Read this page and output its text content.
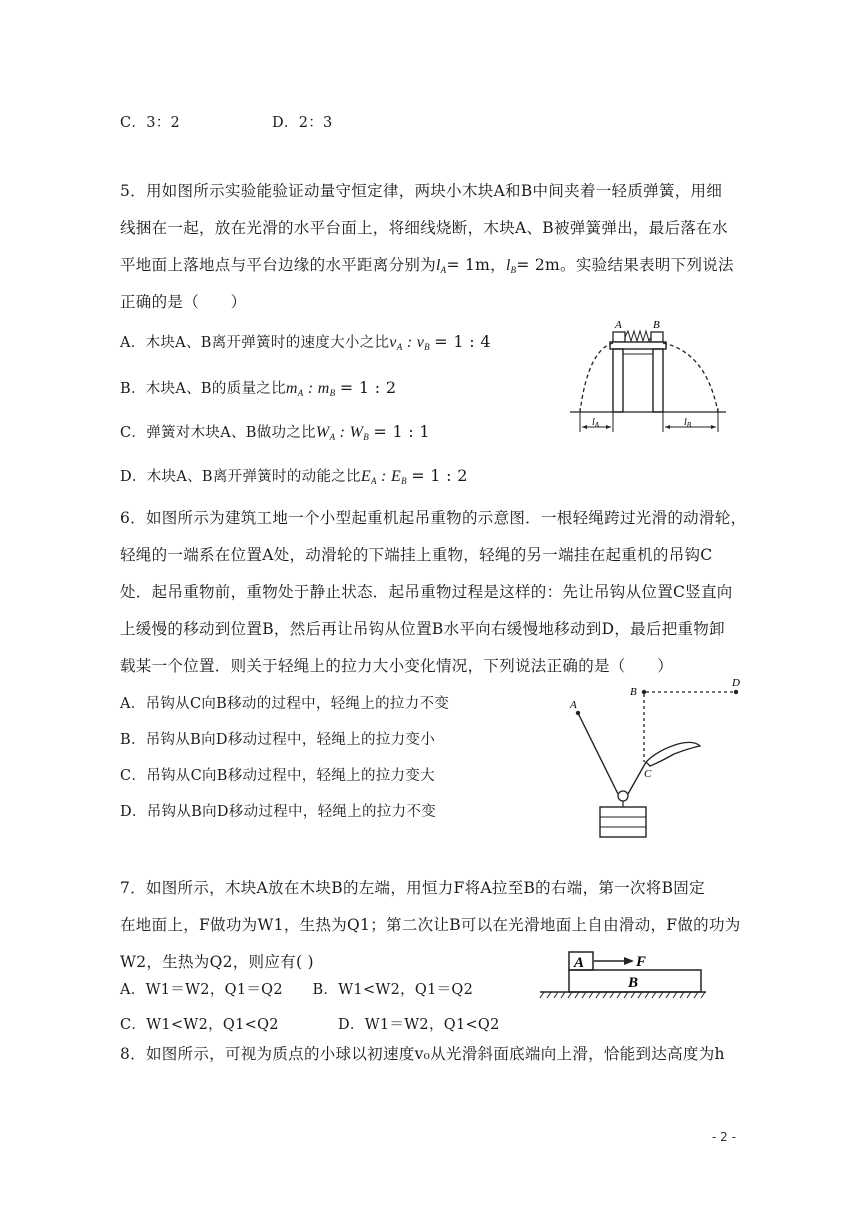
C．3：2	D．2：3
5．用如图所示实验能验证动量守恒定律，两块小木块A和B中间夹着一轻质弹簧，用细
线捆在一起，放在光滑的水平台面上，将细线烧断，木块A、B被弹簧弹出，最后落在水
平地面上落地点与平台边缘的水平距离分别为$l_A= 1m$，$l_B= 2m$。实验结果表明下列说法
正确的是（　　）
A．木块A、B离开弹簧时的速度大小之比$v_A$ : $v_B = 1$ : 4
B．木块A、B的质量之比$m_A$ : $m_B = 1$ : 2
C．弹簧对木块A、B做功之比$W_A$ : $W_B = 1$ : 1
D．木块A、B离开弹簧时的动能之比$E_A$ : $E_B = 1$ : 2
A	B
$l_A$	$l_B$
6．如图所示为建筑工地一个小型起重机起吊重物的示意图．一根轻绳跨过光滑的动滑轮，
轻绳的一端系在位置A处，动滑轮的下端挂上重物，轻绳的另一端挂在起重机的吊钩C
处．起吊重物前，重物处于静止状态．起吊重物过程是这样的：先让吊钩从位置C竖直向
上缓慢的移动到位置B，然后再让吊钩从位置B水平向右缓慢地移动到D，最后把重物卸
载某一个位置．则关于轻绳上的拉力大小变化情况，下列说法正确的是（　　）
A．吊钩从C向B移动的过程中，轻绳上的拉力不变
B．吊钩从B向D移动过程中，轻绳上的拉力变小
C．吊钩从C向B移动过程中，轻绳上的拉力变大
D．吊钩从B向D移动过程中，轻绳上的拉力不变
A
B
D
C
7．如图所示，木块A放在木块B的左端，用恒力F将A拉至B的右端，第一次将B固定
在地面上，F做功为W1，生热为Q1；第二次让B可以在光滑地面上自由滑动，F做的功为
W2，生热为Q2，则应有( )
A．W1＝W2，Q1＝Q2　　B．W1<W2，Q1＝Q2
C．W1<W2，Q1<Q2　　　　D．W1＝W2，Q1<Q2
A	F
B
8．如图所示，可视为质点的小球以初速度v₀从光滑斜面底端向上滑，恰能到达高度为h
- 2 -
